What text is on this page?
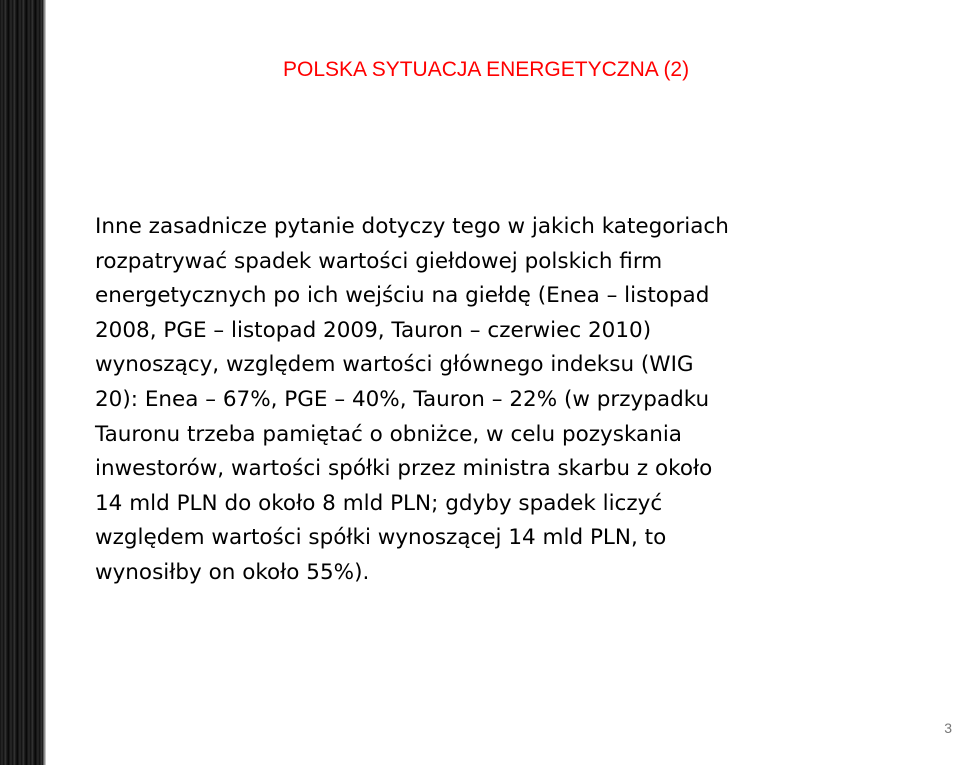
POLSKA SYTUACJA ENERGETYCZNA (2)
Inne zasadnicze pytanie dotyczy tego w jakich kategoriach
rozpatrywać spadek wartości giełdowej polskich firm
energetycznych po ich wejściu na giełdę (Enea – listopad
2008, PGE – listopad 2009, Tauron – czerwiec 2010)
wynoszący, względem wartości głównego indeksu (WIG
20): Enea – 67%, PGE – 40%, Tauron – 22% (w przypadku
Tauronu trzeba pamiętać o obniżce, w celu pozyskania
inwestorów, wartości spółki przez ministra skarbu z około
14 mld PLN do około 8 mld PLN; gdyby spadek liczyć
względem wartości spółki wynoszącej 14 mld PLN, to
wynosiłby on około 55%).
3
